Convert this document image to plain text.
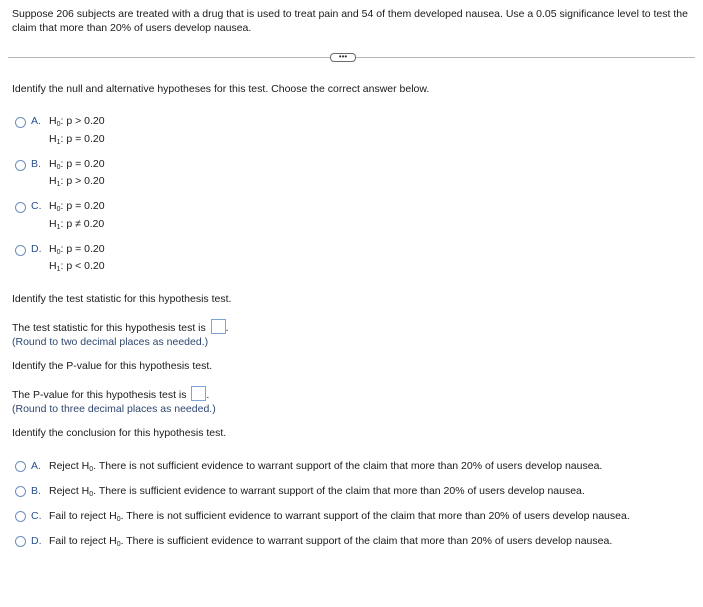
Suppose 206 subjects are treated with a drug that is used to treat pain and 54 of them developed nausea. Use a 0.05 significance level to test the claim that more than 20% of users develop nausea.
•••
Identify the null and alternative hypotheses for this test. Choose the correct answer below.
A. $H_0$: p > 0.20
$H_1$: p = 0.20
B. $H_0$: p = 0.20
$H_1$: p > 0.20
C. $H_0$: p = 0.20
$H_1$: p ≠ 0.20
D. $H_0$: p = 0.20
$H_1$: p < 0.20
Identify the test statistic for this hypothesis test.
The test statistic for this hypothesis test is .
(Round to two decimal places as needed.)
Identify the P-value for this hypothesis test.
The P-value for this hypothesis test is .
(Round to three decimal places as needed.)
Identify the conclusion for this hypothesis test.
A. Reject $H_0$. There is not sufficient evidence to warrant support of the claim that more than 20% of users develop nausea.
B. Reject $H_0$. There is sufficient evidence to warrant support of the claim that more than 20% of users develop nausea.
C. Fail to reject $H_0$. There is not sufficient evidence to warrant support of the claim that more than 20% of users develop nausea.
D. Fail to reject $H_0$. There is sufficient evidence to warrant support of the claim that more than 20% of users develop nausea.
